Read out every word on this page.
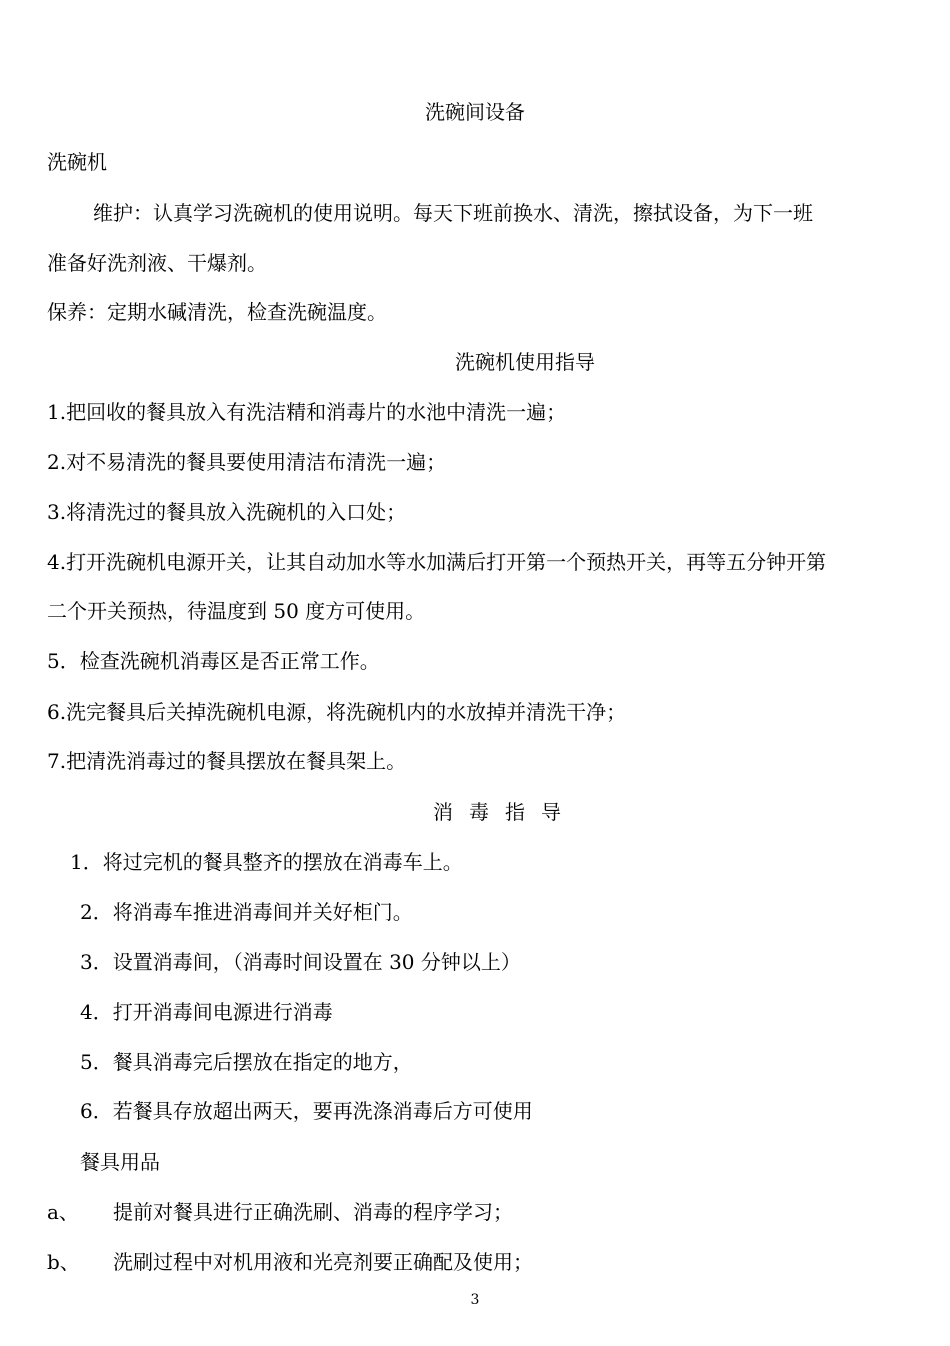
洗碗间设备
洗碗机
维护：认真学习洗碗机的使用说明。每天下班前换水、清洗，擦拭设备，为下一班
准备好洗剂液、干爆剂。
保养：定期水碱清洗，检查洗碗温度。
洗碗机使用指导
1.把回收的餐具放入有洗洁精和消毒片的水池中清洗一遍；
2.对不易清洗的餐具要使用清洁布清洗一遍；
3.将清洗过的餐具放入洗碗机的入口处；
4.打开洗碗机电源开关，让其自动加水等水加满后打开第一个预热开关，再等五分钟开第
二个开关预热，待温度到 50 度方可使用。
5．检查洗碗机消毒区是否正常工作。
6.洗完餐具后关掉洗碗机电源，将洗碗机内的水放掉并清洗干净；
7.把清洗消毒过的餐具摆放在餐具架上。
消毒指导
1．将过完机的餐具整齐的摆放在消毒车上。
2．将消毒车推进消毒间并关好柜门。
3．设置消毒间，（消毒时间设置在 30 分钟以上）
4．打开消毒间电源进行消毒
5．餐具消毒完后摆放在指定的地方，
6．若餐具存放超出两天，要再洗涤消毒后方可使用
餐具用品
a、 提前对餐具进行正确洗刷、消毒的程序学习；
b、 洗刷过程中对机用液和光亮剂要正确配及使用；
3
